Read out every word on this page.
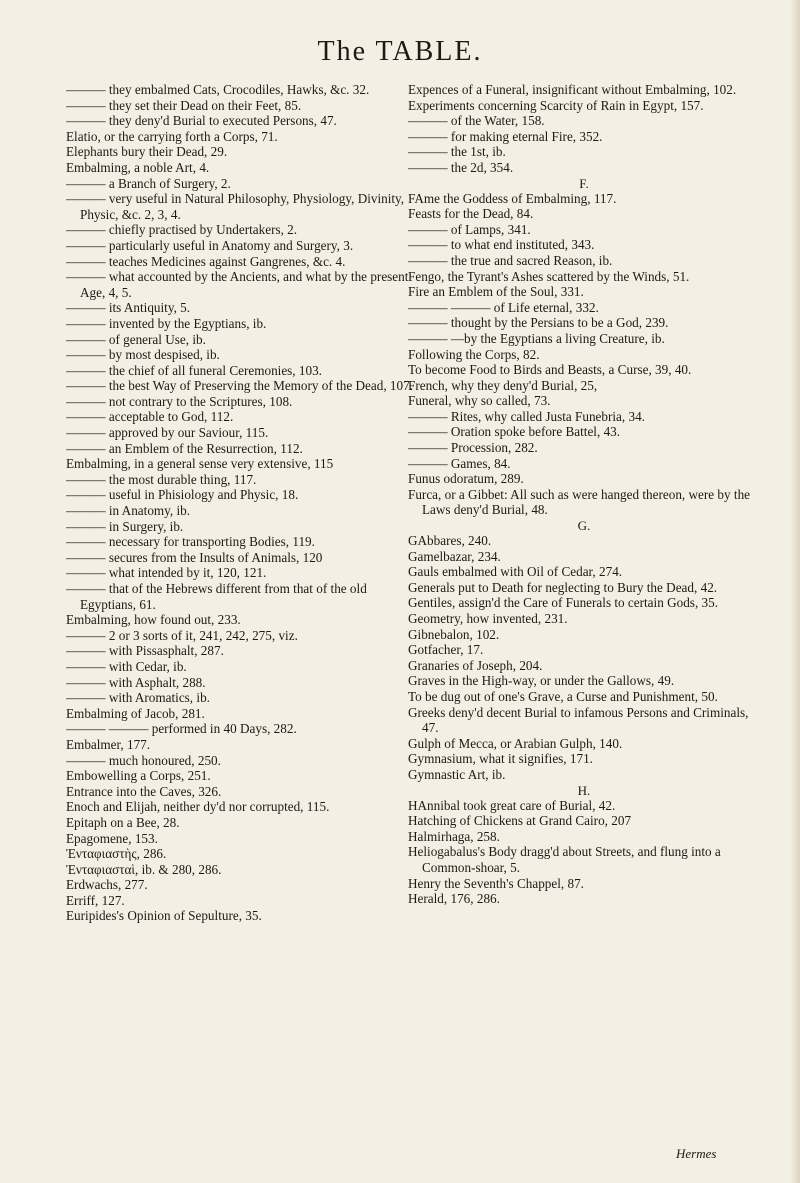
The TABLE.
——— they embalmed Cats, Crocodiles, Hawks, &c. 32.
——— they set their Dead on their Feet, 85.
——— they deny'd Burial to executed Persons, 47.
Elatio, or the carrying forth a Corps, 71.
Elephants bury their Dead, 29.
Embalming, a noble Art, 4.
——— a Branch of Surgery, 2.
——— very useful in Natural Philosophy, Physiology, Divinity, Physic, &c. 2, 3, 4.
——— chiefly practised by Undertakers, 2.
——— particularly useful in Anatomy and Surgery, 3.
——— teaches Medicines against Gangrenes, &c. 4.
——— what accounted by the Ancients, and what by the present Age, 4, 5.
——— its Antiquity, 5.
——— invented by the Egyptians, ib.
——— of general Use, ib.
——— by most despised, ib.
——— the chief of all funeral Ceremonies, 103.
——— the best Way of Preserving the Memory of the Dead, 107.
——— not contrary to the Scriptures, 108.
——— acceptable to God, 112.
——— approved by our Saviour, 115.
——— an Emblem of the Resurrection, 112.
Embalming, in a general sense very extensive, 115
——— the most durable thing, 117.
——— useful in Phisiology and Physic, 18.
——— in Anatomy, ib.
——— in Surgery, ib.
——— necessary for transporting Bodies, 119.
——— secures from the Insults of Animals, 120
——— what intended by it, 120, 121.
——— that of the Hebrews different from that of the old Egyptians, 61.
Embalming, how found out, 233.
——— 2 or 3 sorts of it, 241, 242, 275, viz.
——— with Pissasphalt, 287.
——— with Cedar, ib.
——— with Asphalt, 288.
——— with Aromatics, ib.
Embalming of Jacob, 281.
——— ——— performed in 40 Days, 282.
Embalmer, 177.
——— much honoured, 250.
Embowelling a Corps, 251.
Entrance into the Caves, 326.
Enoch and Elijah, neither dy'd nor corrupted, 115.
Epitaph on a Bee, 28.
Epagomene, 153.
Ἐνταφιαστὴς, 286.
Ἐνταφιασταὶ, ib. & 280, 286.
Erdwachs, 277.
Erriff, 127.
Euripides's Opinion of Sepulture, 35.
Expences of a Funeral, insignificant without Embalming, 102.
Experiments concerning Scarcity of Rain in Egypt, 157.
——— of the Water, 158.
——— for making eternal Fire, 352.
——— the 1st, ib.
——— the 2d, 354.
F.
FAme the Goddess of Embalming, 117.
Feasts for the Dead, 84.
——— of Lamps, 341.
——— to what end instituted, 343.
——— the true and sacred Reason, ib.
Fengo, the Tyrant's Ashes scattered by the Winds, 51.
Fire an Emblem of the Soul, 331.
——— ——— of Life eternal, 332.
——— thought by the Persians to be a God, 239.
——— —by the Egyptians a living Creature, ib.
Following the Corps, 82.
To become Food to Birds and Beasts, a Curse, 39, 40.
French, why they deny'd Burial, 25,
Funeral, why so called, 73.
——— Rites, why called Justa Funebria, 34.
——— Oration spoke before Battel, 43.
——— Procession, 282.
——— Games, 84.
Funus odoratum, 289.
Furca, or a Gibbet: All such as were hanged thereon, were by the Laws deny'd Burial, 48.
G.
GAbbares, 240.
Gamelbazar, 234.
Gauls embalmed with Oil of Cedar, 274.
Generals put to Death for neglecting to Bury the Dead, 42.
Gentiles, assign'd the Care of Funerals to certain Gods, 35.
Geometry, how invented, 231.
Gibnebalon, 102.
Gotfacher, 17.
Granaries of Joseph, 204.
Graves in the High-way, or under the Gallows, 49.
To be dug out of one's Grave, a Curse and Punishment, 50.
Greeks deny'd decent Burial to infamous Persons and Criminals, 47.
Gulph of Mecca, or Arabian Gulph, 140.
Gymnasium, what it signifies, 171.
Gymnastic Art, ib.
H.
HAnnibal took great care of Burial, 42.
Hatching of Chickens at Grand Cairo, 207
Halmirhaga, 258.
Heliogabalus's Body dragg'd about Streets, and flung into a Common-shoar, 5.
Henry the Seventh's Chappel, 87.
Herald, 176, 286.
Hermes
